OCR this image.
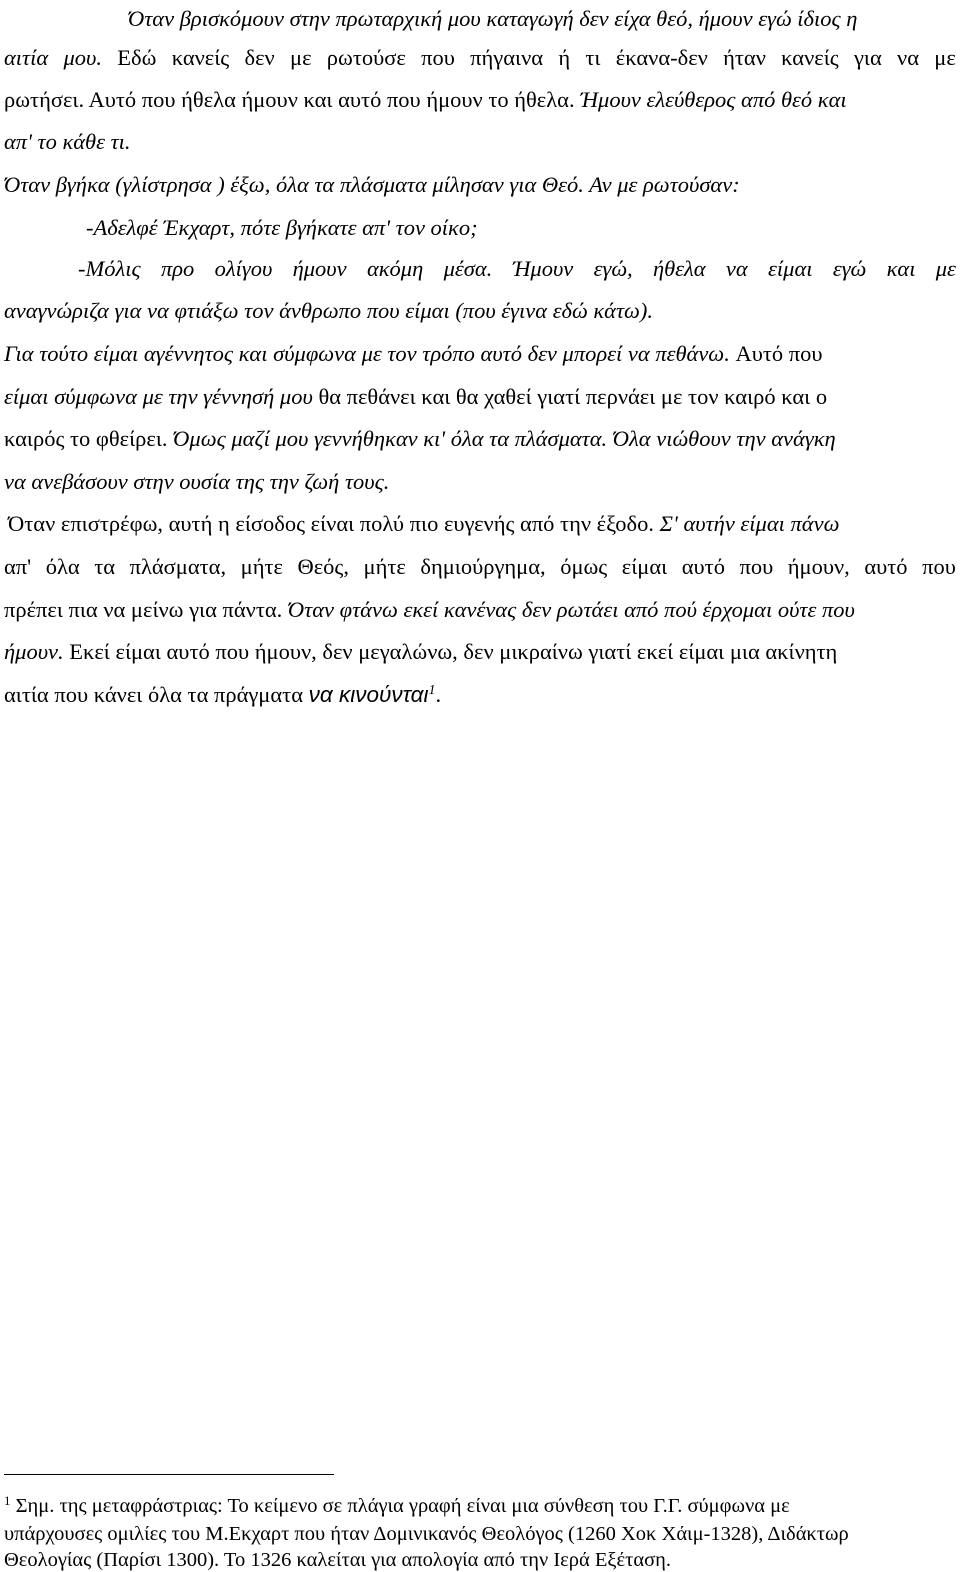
Όταν βρισκόμουν στην πρωταρχική μου καταγωγή δεν είχα θεό, ήμουν εγώ ίδιος η
αιτία μου. Εδώ κανείς δεν με ρωτούσε που πήγαινα ή τι έκανα-δεν ήταν κανείς για να με
ρωτήσει. Αυτό που ήθελα ήμουν και αυτό που ήμουν το ήθελα. Ήμουν ελεύθερος από θεό και
απ' το κάθε τι.
Όταν βγήκα (γλίστρησα ) έξω, όλα τα πλάσματα μίλησαν για Θεό. Αν με ρωτούσαν:
-Αδελφέ Έκχαρτ, πότε βγήκατε απ' τον οίκο;
-Μόλις προ ολίγου ήμουν ακόμη μέσα. Ήμουν εγώ, ήθελα να είμαι εγώ και με
αναγνώριζα για να φτιάξω τον άνθρωπο που είμαι (που έγινα εδώ κάτω).
Για τούτο είμαι αγέννητος και σύμφωνα με τον τρόπο αυτό δεν μπορεί να πεθάνω. Αυτό που
είμαι σύμφωνα με την γέννησή μου θα πεθάνει και θα χαθεί γιατί περνάει με τον καιρό και ο
καιρός το φθείρει. Όμως μαζί μου γεννήθηκαν κι' όλα τα πλάσματα. Όλα νιώθουν την ανάγκη
να ανεβάσουν στην ουσία της την ζωή τους.
Όταν επιστρέφω, αυτή η είσοδος είναι πολύ πιο ευγενής από την έξοδο. Σ' αυτήν είμαι πάνω
απ' όλα τα πλάσματα, μήτε Θεός, μήτε δημιούργημα, όμως είμαι αυτό που ήμουν, αυτό που
πρέπει πια να μείνω για πάντα. Όταν φτάνω εκεί κανένας δεν ρωτάει από πού έρχομαι ούτε που
ήμουν. Εκεί είμαι αυτό που ήμουν, δεν μεγαλώνω, δεν μικραίνω γιατί εκεί είμαι μια ακίνητη
αιτία που κάνει όλα τα πράγματα να κινούνται$^1$.
$^1$ Σημ. της μεταφράστριας: Το κείμενο σε πλάγια γραφή είναι μια σύνθεση του Γ.Γ. σύμφωνα με
υπάρχουσες ομιλίες του Μ.Εκχαρτ που ήταν Δομινικανός Θεολόγος (1260 Χοκ Χάιμ-1328), Διδάκτωρ
Θεολογίας (Παρίσι 1300). Το 1326 καλείται για απολογία από την Ιερά Εξέταση.
